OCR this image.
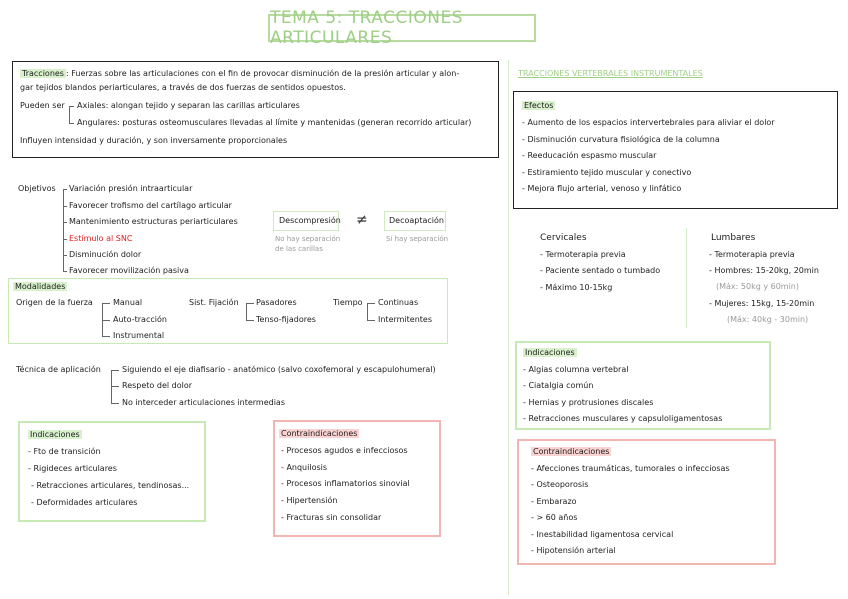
TEMA 5: TRACCIONES ARTICULARES
Tracciones : Fuerzas sobre las articulaciones con el fin de provocar disminución de la presión articular y alon-
gar tejidos blandos periarticulares, a través de dos fuerzas de sentidos opuestos.
Pueden ser Axiales: alongan tejido y separan las carillas articulares
Angulares: posturas osteomusculares llevadas al límite y mantenidas (generan recorrido articular)
Influyen intensidad y duración, y son inversamente proporcionales
Objetivos Variación presión intraarticular
Favorecer trofismo del cartílago articular
Mantenimiento estructuras periarticulares
Estímulo al SNC
Disminución dolor
Favorecer movilización pasiva
Descompresión
No hay separación
de las carillas
≠	Decoaptación
Sí hay separación
Modalidades
Origen de la fuerza	Manual
Auto-tracción
Instrumental
Sist. Fijación Pasadores
Tenso-fijadores
Tiempo Continuas
Intermitentes
Técnica de aplicación	Siguiendo el eje diafisario - anatómico (salvo coxofemoral y escapulohumeral)
Respeto del dolor
No interceder articulaciones intermedias
Indicaciones
- Fto de transición
- Rigideces articulares
- Retracciones articulares, tendinosas...
- Deformidades articulares
Contraindicaciones
- Procesos agudos e infecciosos
- Anquilosis
- Procesos inflamatorios sinovial
- Hipertensión
- Fracturas sin consolidar
TRACCIONES VERTEBRALES INSTRUMENTALES
Efectos
- Aumento de los espacios intervertebrales para aliviar el dolor
- Disminución curvatura fisiológica de la columna
- Reeducación espasmo muscular
- Estiramiento tejido muscular y conectivo
- Mejora flujo arterial, venoso y linfático
Cervicales
- Termoterapia previa
- Paciente sentado o tumbado
- Máximo 10-15kg
Lumbares
- Termoterapia previa
- Hombres: 15-20kg, 20min
(Máx: 50kg y 60min)
- Mujeres: 15kg, 15-20min
(Máx: 40kg - 30min)
Indicaciones
- Algias columna vertebral
- Ciatalgia común
- Hernias y protrusiones discales
- Retracciones musculares y capsuloligamentosas
Contraindicaciones
- Afecciones traumáticas, tumorales o infecciosas
- Osteoporosis
- Embarazo
- > 60 años
- Inestabilidad ligamentosa cervical
- Hipotensión arterial
